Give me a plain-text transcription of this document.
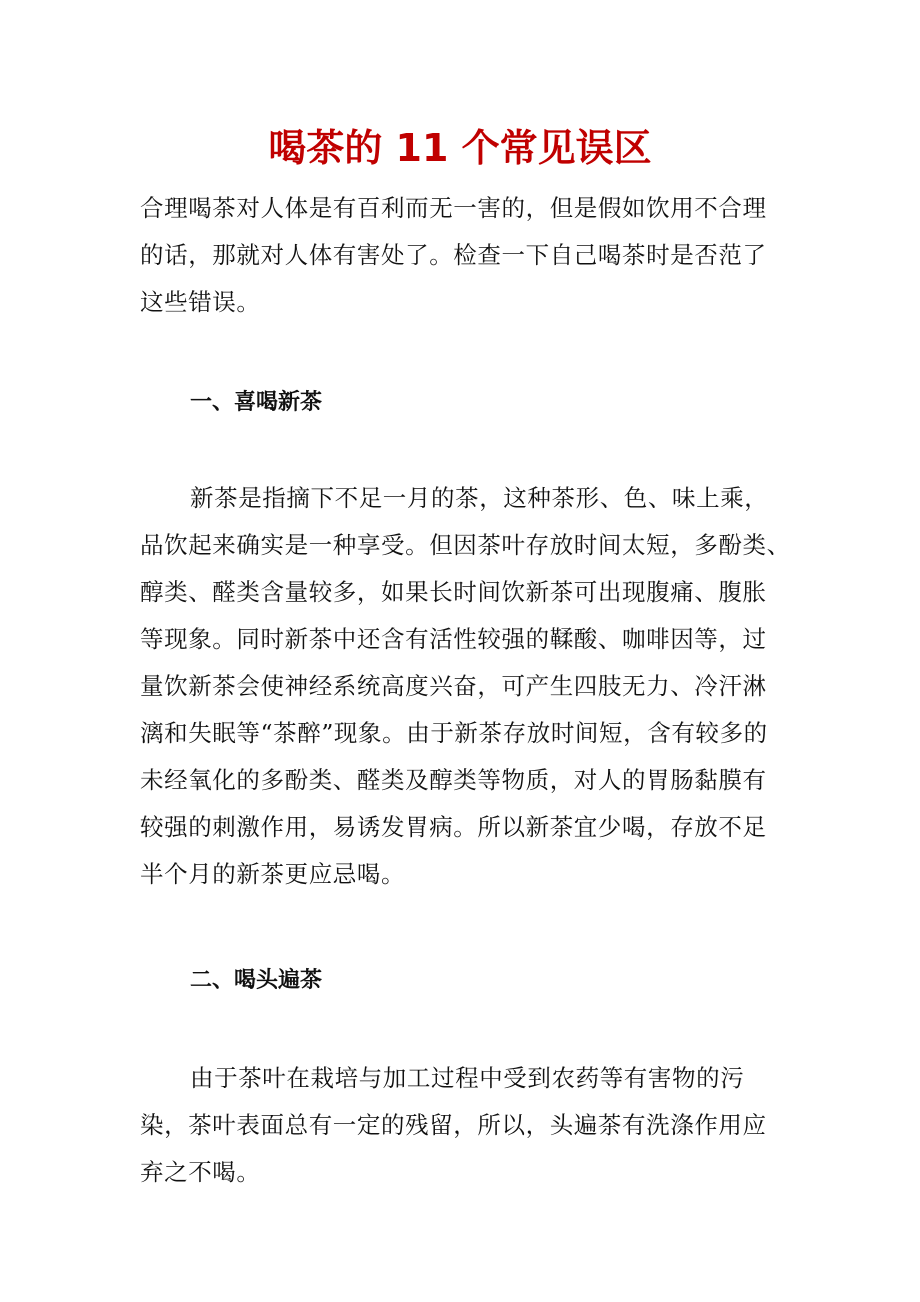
喝茶的 11 个常见误区
合理喝茶对人体是有百利而无一害的，但是假如饮用不合理
的话，那就对人体有害处了。检查一下自己喝茶时是否范了
这些错误。
一、喜喝新茶
新茶是指摘下不足一月的茶，这种茶形、色、味上乘，
品饮起来确实是一种享受。但因茶叶存放时间太短，多酚类、
醇类、醛类含量较多，如果长时间饮新茶可出现腹痛、腹胀
等现象。同时新茶中还含有活性较强的鞣酸、咖啡因等，过
量饮新茶会使神经系统高度兴奋，可产生四肢无力、冷汗淋
漓和失眠等“茶醉”现象。由于新茶存放时间短，含有较多的
未经氧化的多酚类、醛类及醇类等物质，对人的胃肠黏膜有
较强的刺激作用，易诱发胃病。所以新茶宜少喝，存放不足
半个月的新茶更应忌喝。
二、喝头遍茶
由于茶叶在栽培与加工过程中受到农药等有害物的污
染，茶叶表面总有一定的残留，所以，头遍茶有洗涤作用应
弃之不喝。
